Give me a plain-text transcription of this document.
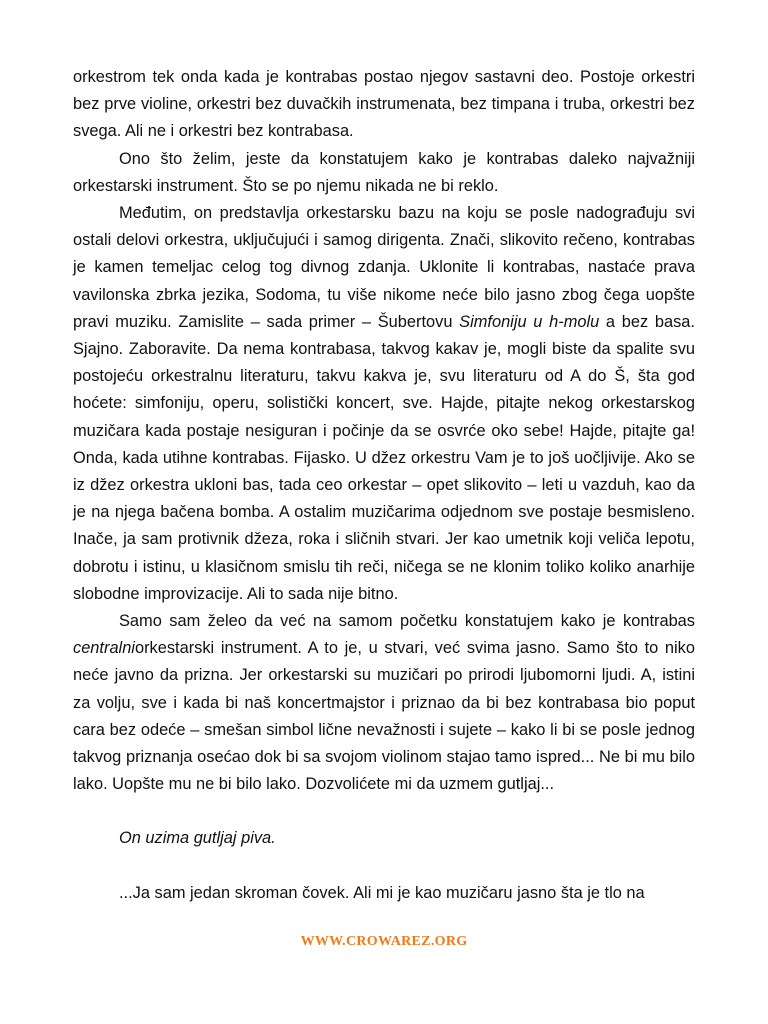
orkestrom tek onda kada je kontrabas postao njegov sastavni deo. Postoje orkestri bez prve violine, orkestri bez duvačkih instrumenata, bez timpana i truba, orkestri bez svega. Ali ne i orkestri bez kontrabasa.

Ono što želim, jeste da konstatujem kako je kontrabas daleko najvažniji orkestarski instrument. Što se po njemu nikada ne bi reklo.

Međutim, on predstavlja orkestarsku bazu na koju se posle nadograđuju svi ostali delovi orkestra, uključujući i samog dirigenta. Znači, slikovito rečeno, kontrabas je kamen temeljac celog tog divnog zdanja. Uklonite li kontrabas, nastaće prava vavilonska zbrka jezika, Sodoma, tu više nikome neće bilo jasno zbog čega uopšte pravi muziku. Zamislite – sada primer – Šubertovu Simfoniju u h-molu a bez basa. Sjajno. Zaboravite. Da nema kontrabasa, takvog kakav je, mogli biste da spalite svu postojeću orkestralnu literaturu, takvu kakva je, svu literaturu od A do Š, šta god hoćete: simfoniju, operu, solistički koncert, sve. Hajde, pitajte nekog orkestarskog muzičara kada postaje nesiguran i počinje da se osvrće oko sebe! Hajde, pitajte ga! Onda, kada utihne kontrabas. Fijasko. U džez orkestru Vam je to još uočljivije. Ako se iz džez orkestra ukloni bas, tada ceo orkestar – opet slikovito – leti u vazduh, kao da je na njega bačena bomba. A ostalim muzičarima odjednom sve postaje besmisleno. Inače, ja sam protivnik džeza, roka i sličnih stvari. Jer kao umetnik koji veliča lepotu, dobrotu i istinu, u klasičnom smislu tih reči, ničega se ne klonim toliko koliko anarhije slobodne improvizacije. Ali to sada nije bitno.

Samo sam želeo da već na samom početku konstatujem kako je kontrabas centralniorkestarski instrument. A to je, u stvari, već svima jasno. Samo što to niko neće javno da prizna. Jer orkestarski su muzičari po prirodi ljubomorni ljudi. A, istini za volju, sve i kada bi naš koncertmajstor i priznao da bi bez kontrabasa bio poput cara bez odeće – smešan simbol lične nevažnosti i sujete – kako li bi se posle jednog takvog priznanja osećao dok bi sa svojom violinom stajao tamo ispred... Ne bi mu bilo lako. Uopšte mu ne bi bilo lako. Dozvolićete mi da uzmem gutljaj...

On uzima gutljaj piva.

...Ja sam jedan skroman čovek. Ali mi je kao muzičaru jasno šta je tlo na

WWW.CROWAREZ.ORG
